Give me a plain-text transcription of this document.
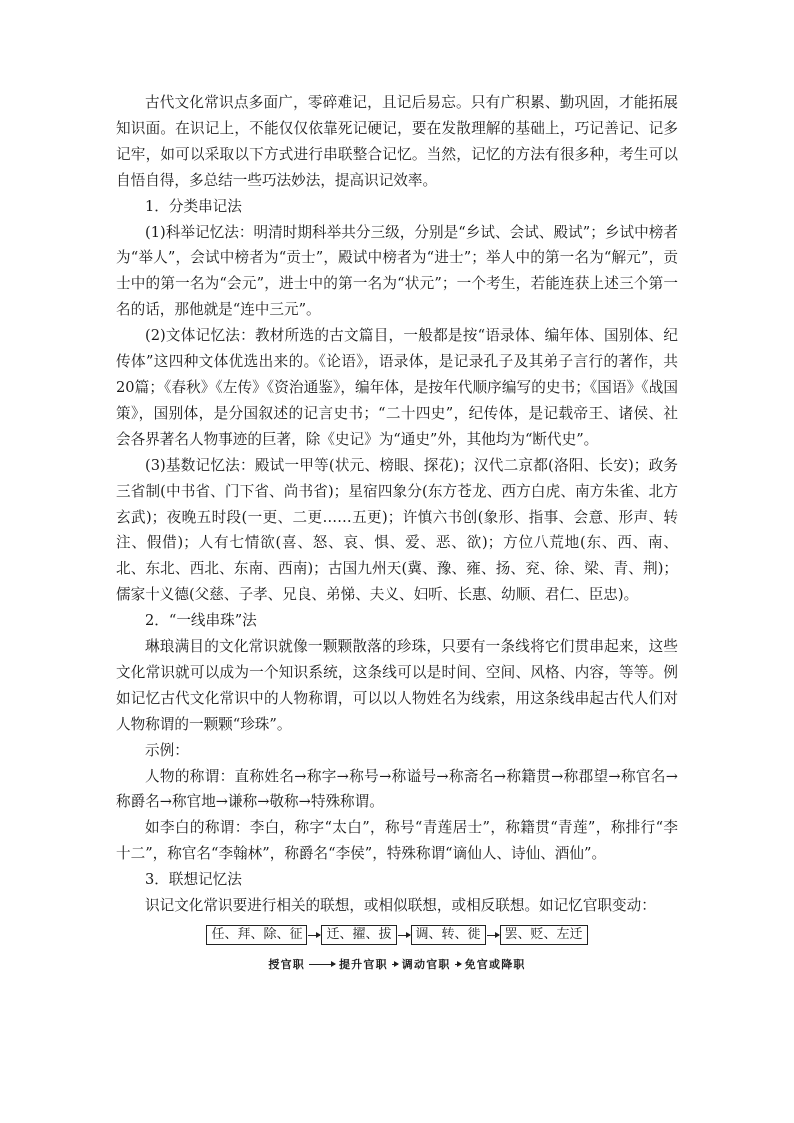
古代文化常识点多面广，零碎难记，且记后易忘。只有广积累、勤巩固，才能拓展知识面。在识记上，不能仅仅依靠死记硬记，要在发散理解的基础上，巧记善记、记多记牢，如可以采取以下方式进行串联整合记忆。当然，记忆的方法有很多种，考生可以自悟自得，多总结一些巧法妙法，提高识记效率。

1．分类串记法

(1)科举记忆法：明清时期科举共分三级，分别是“乡试、会试、殿试”；乡试中榜者为“举人”，会试中榜者为“贡士”，殿试中榜者为“进士”；举人中的第一名为“解元”，贡士中的第一名为“会元”，进士中的第一名为“状元”；一个考生，若能连获上述三个第一名的话，那他就是“连中三元”。

(2)文体记忆法：教材所选的古文篇目，一般都是按“语录体、编年体、国别体、纪传体”这四种文体优选出来的。《论语》，语录体，是记录孔子及其弟子言行的著作，共20篇；《春秋》《左传》《资治通鉴》，编年体，是按年代顺序编写的史书；《国语》《战国策》，国别体，是分国叙述的记言史书；“二十四史”，纪传体，是记载帝王、诸侯、社会各界著名人物事迹的巨著，除《史记》为“通史”外，其他均为“断代史”。

(3)基数记忆法：殿试一甲等(状元、榜眼、探花)；汉代二京都(洛阳、长安)；政务三省制(中书省、门下省、尚书省)；星宿四象分(东方苍龙、西方白虎、南方朱雀、北方玄武)；夜晚五时段(一更、二更……五更)；许慎六书创(象形、指事、会意、形声、转注、假借)；人有七情欲(喜、怒、哀、惧、爱、恶、欲)；方位八荒地(东、西、南、北、东北、西北、东南、西南)；古国九州天(冀、豫、雍、扬、兖、徐、梁、青、荆)；儒家十义德(父慈、子孝、兄良、弟悌、夫义、妇听、长惠、幼顺、君仁、臣忠)。

2．“一线串珠”法

琳琅满目的文化常识就像一颗颗散落的珍珠，只要有一条线将它们贯串起来，这些文化常识就可以成为一个知识系统，这条线可以是时间、空间、风格、内容，等等。例如记忆古代文化常识中的人物称谓，可以以人物姓名为线索，用这条线串起古代人们对人物称谓的一颗颗“珍珠”。

示例：

人物的称谓：直称姓名→称字→称号→称谥号→称斋名→称籍贯→称郡望→称官名→称爵名→称官地→谦称→敬称→特殊称谓。

如李白的称谓：李白，称字“太白”，称号“青莲居士”，称籍贯“青莲”，称排行“李十二”，称官名“李翰林”，称爵名“李侯”，特殊称谓“谪仙人、诗仙、酒仙”。

3．联想记忆法

识记文化常识要进行相关的联想，或相似联想，或相反联想。如记忆官职变动：

任、拜、除、征	迁、擢、拔	调、转、徙	罢、贬、左迁
授官职	提升官职 调动官职 免官或降职
